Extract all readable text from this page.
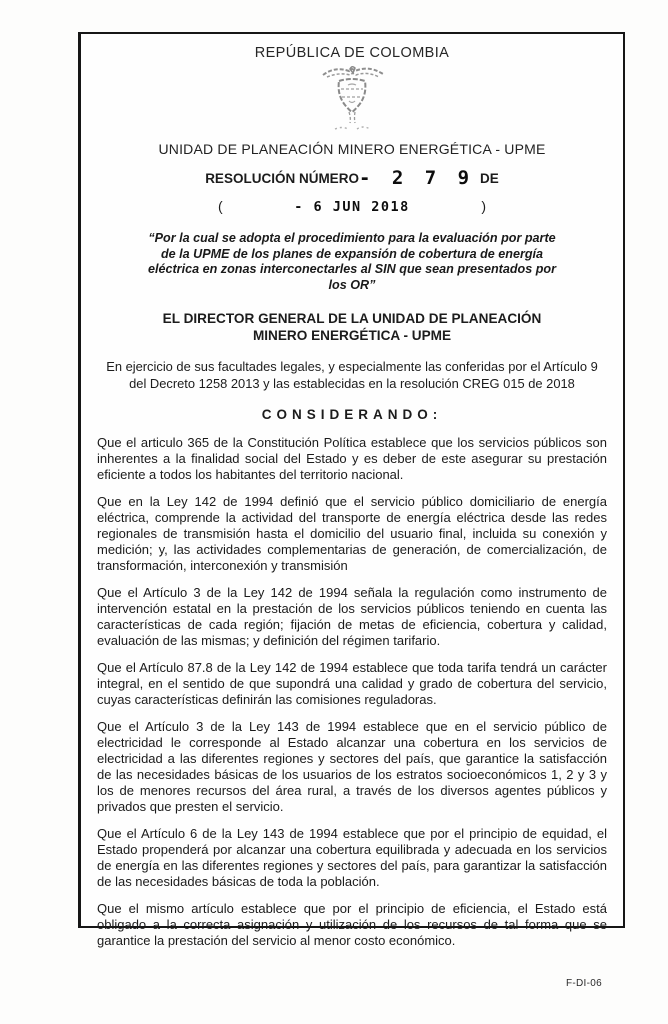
REPÚBLICA DE COLOMBIA
UNIDAD DE PLANEACIÓN MINERO ENERGÉTICA - UPME
RESOLUCIÓN NÚMERO - 2 7 9 DE
(	- 6 JUN 2018	)
“Por la cual se adopta el procedimiento para la evaluación por parte de la UPME de los planes de expansión de cobertura de energía eléctrica en zonas interconectarles al SIN que sean presentados por los OR”
EL DIRECTOR GENERAL DE LA UNIDAD DE PLANEACIÓN MINERO ENERGÉTICA - UPME
En ejercicio de sus facultades legales, y especialmente las conferidas por el Artículo 9 del Decreto 1258 2013 y las establecidas en la resolución CREG 015 de 2018
CONSIDERANDO:

Que el articulo 365 de la Constitución Política establece que los servicios públicos son inherentes a la finalidad social del Estado y es deber de este asegurar su prestación eficiente a todos los habitantes del territorio nacional.

Que en la Ley 142 de 1994 definió que el servicio público domiciliario de energía eléctrica, comprende la actividad del transporte de energía eléctrica desde las redes regionales de transmisión hasta el domicilio del usuario final, incluida su conexión y medición; y, las actividades complementarias de generación, de comercialización, de transformación, interconexión y transmisión

Que el Artículo 3 de la Ley 142 de 1994 señala la regulación como instrumento de intervención estatal en la prestación de los servicios públicos teniendo en cuenta las características de cada región; fijación de metas de eficiencia, cobertura y calidad, evaluación de las mismas; y definición del régimen tarifario.

Que el Artículo 87.8 de la Ley 142 de 1994 establece que toda tarifa tendrá un carácter integral, en el sentido de que supondrá una calidad y grado de cobertura del servicio, cuyas características definirán las comisiones reguladoras.

Que el Artículo 3 de la Ley 143 de 1994 establece que en el servicio público de electricidad le corresponde al Estado alcanzar una cobertura en los servicios de electricidad a las diferentes regiones y sectores del país, que garantice la satisfacción de las necesidades básicas de los usuarios de los estratos socioeconómicos 1, 2 y 3 y los de menores recursos del área rural, a través de los diversos agentes públicos y privados que presten el servicio.

Que el Artículo 6 de la Ley 143 de 1994 establece que por el principio de equidad, el Estado propenderá por alcanzar una cobertura equilibrada y adecuada en los servicios de energía en las diferentes regiones y sectores del país, para garantizar la satisfacción de las necesidades básicas de toda la población.

Que el mismo artículo establece que por el principio de eficiencia, el Estado está obligado a la correcta asignación y utilización de los recursos de tal forma que se garantice la prestación del servicio al menor costo económico.

F-DI-06
